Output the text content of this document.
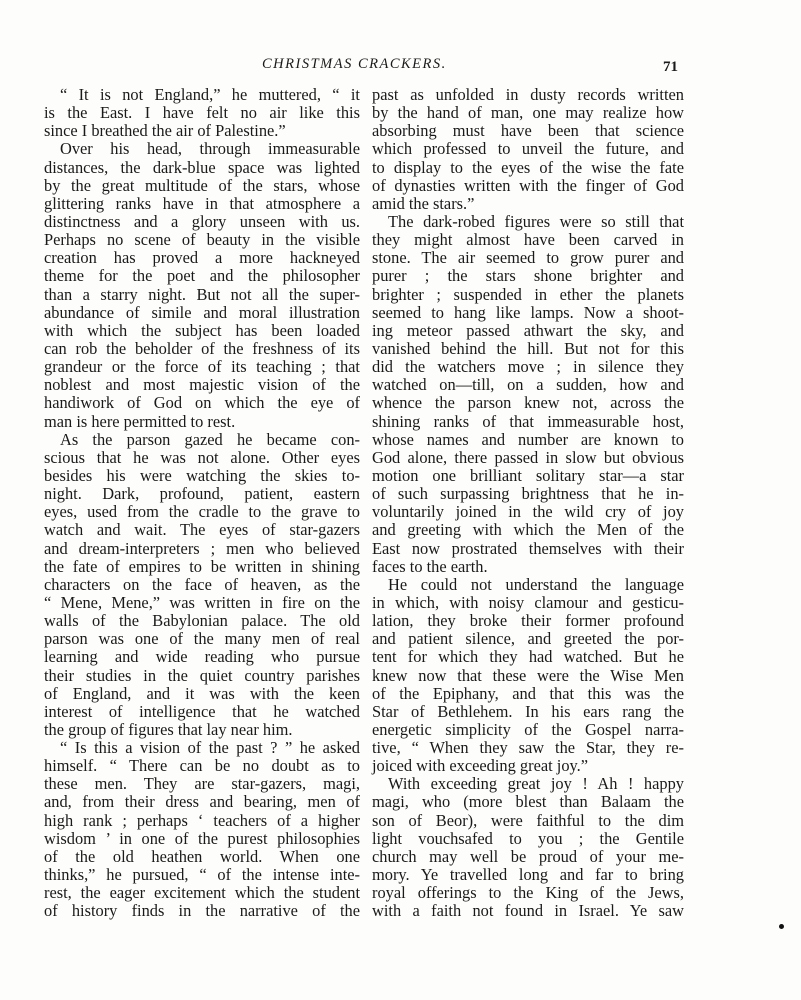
CHRISTMAS CRACKERS.	71
“ It is not England,” he muttered, “ it
is the East. I have felt no air like this
since I breathed the air of Palestine.”
Over his head, through immeasurable
distances, the dark-blue space was lighted
by the great multitude of the stars, whose
glittering ranks have in that atmosphere a
distinctness and a glory unseen with us.
Perhaps no scene of beauty in the visible
creation has proved a more hackneyed
theme for the poet and the philosopher
than a starry night. But not all the super-
abundance of simile and moral illustration
with which the subject has been loaded
can rob the beholder of the freshness of its
grandeur or the force of its teaching ; that
noblest and most majestic vision of the
handiwork of God on which the eye of
man is here permitted to rest.
As the parson gazed he became con-
scious that he was not alone. Other eyes
besides his were watching the skies to-
night. Dark, profound, patient, eastern
eyes, used from the cradle to the grave to
watch and wait. The eyes of star-gazers
and dream-interpreters ; men who believed
the fate of empires to be written in shining
characters on the face of heaven, as the
“ Mene, Mene,” was written in fire on the
walls of the Babylonian palace. The old
parson was one of the many men of real
learning and wide reading who pursue
their studies in the quiet country parishes
of England, and it was with the keen
interest of intelligence that he watched
the group of figures that lay near him.
“ Is this a vision of the past ? ” he asked
himself. “ There can be no doubt as to
these men. They are star-gazers, magi,
and, from their dress and bearing, men of
high rank ; perhaps ‘ teachers of a higher
wisdom ’ in one of the purest philosophies
of the old heathen world. When one
thinks,” he pursued, “ of the intense inte-
rest, the eager excitement which the student
of history finds in the narrative of the
past as unfolded in dusty records written
by the hand of man, one may realize how
absorbing must have been that science
which professed to unveil the future, and
to display to the eyes of the wise the fate
of dynasties written with the finger of God
amid the stars.”
The dark-robed figures were so still that
they might almost have been carved in
stone. The air seemed to grow purer and
purer ; the stars shone brighter and
brighter ; suspended in ether the planets
seemed to hang like lamps. Now a shoot-
ing meteor passed athwart the sky, and
vanished behind the hill. But not for this
did the watchers move ; in silence they
watched on—till, on a sudden, how and
whence the parson knew not, across the
shining ranks of that immeasurable host,
whose names and number are known to
God alone, there passed in slow but obvious
motion one brilliant solitary star—a star
of such surpassing brightness that he in-
voluntarily joined in the wild cry of joy
and greeting with which the Men of the
East now prostrated themselves with their
faces to the earth.
He could not understand the language
in which, with noisy clamour and gesticu-
lation, they broke their former profound
and patient silence, and greeted the por-
tent for which they had watched. But he
knew now that these were the Wise Men
of the Epiphany, and that this was the
Star of Bethlehem. In his ears rang the
energetic simplicity of the Gospel narra-
tive, “ When they saw the Star, they re-
joiced with exceeding great joy.”
With exceeding great joy ! Ah ! happy
magi, who (more blest than Balaam the
son of Beor), were faithful to the dim
light vouchsafed to you ; the Gentile
church may well be proud of your me-
mory. Ye travelled long and far to bring
royal offerings to the King of the Jews,
with a faith not found in Israel. Ye saw
